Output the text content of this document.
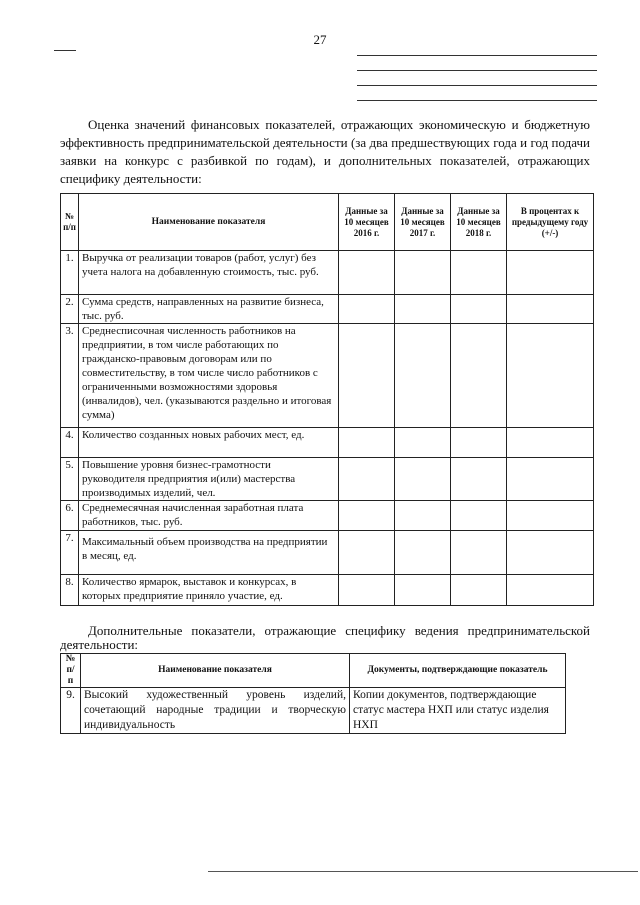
27
Оценка значений финансовых показателей, отражающих экономическую и бюджетную эффективность предпринимательской деятельности (за два предшествующих года и год подачи заявки на конкурс с разбивкой по годам), и дополнительных показателей, отражающих специфику деятельности:
№ п/п	Наименование показателя	Данные за 10 месяцев 2016 г.	Данные за 10 месяцев 2017 г.	Данные за 10 месяцев 2018 г.	В процентах к предыдущему году (+/-)
1.	Выручка от реализации товаров (работ, услуг) без учета налога на добавленную стоимость, тыс. руб.				
2.	Сумма средств, направленных на развитие бизнеса, тыс. руб.				
3.	Среднесписочная численность работников на предприятии, в том числе работающих по гражданско-правовым договорам или по совместительству, в том числе число работников с ограниченными возможностями здоровья (инвалидов), чел. (указываются раздельно и итоговая сумма)				
4.	Количество созданных новых рабочих мест, ед.				
5.	Повышение уровня бизнес-грамотности руководителя предприятия и(или) мастерства производимых изделий, чел.				
6.	Среднемесячная начисленная заработная плата работников, тыс. руб.				
7.	Максимальный объем производства на предприятии в месяц, ед.				
8.	Количество ярмарок, выставок и конкурсах, в которых предприятие приняло участие, ед.				
Дополнительные показатели, отражающие специфику ведения предпринимательской деятельности:
№ п/п	Наименование показателя	Документы, подтверждающие показатель
9.	Высокий художественный уровень изделий, сочетающий народные традиции и творческую индивидуальность	Копии документов, подтверждающие статус мастера НХП или статус изделия НХП
